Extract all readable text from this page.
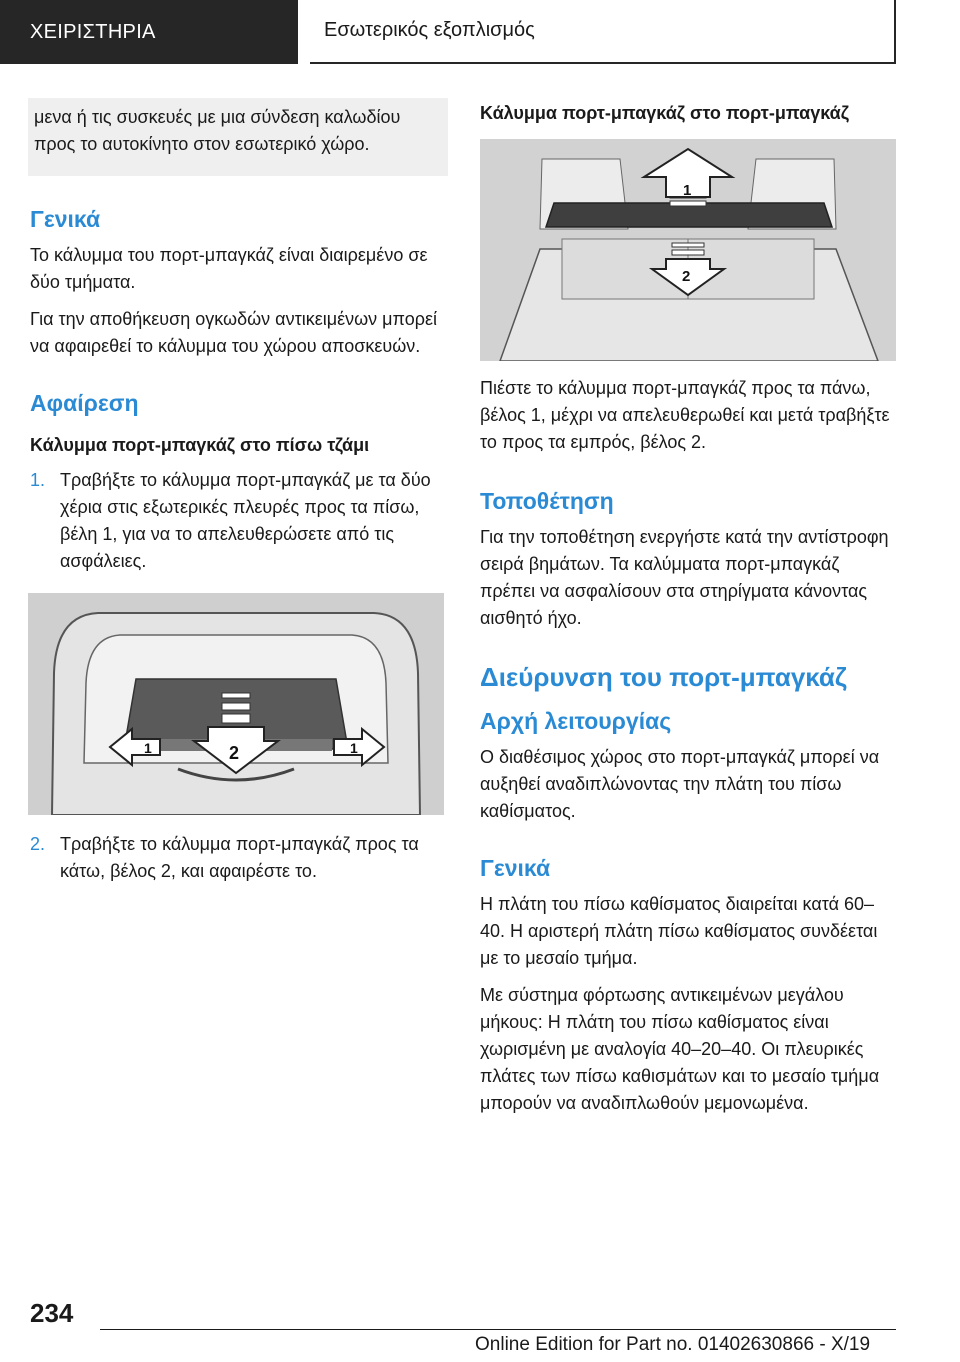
ΧΕΙΡΙΣΤΗΡΙΑ	Εσωτερικός εξοπλισμός
μενα ή τις συσκευές με μια σύνδεση καλωδίου προς το αυτοκίνητο στον εσωτερικό χώρο.
Γενικά

Το κάλυμμα του πορτ-μπαγκάζ είναι διαιρεμένο σε δύο τμήματα.

Για την αποθήκευση ογκωδών αντικειμένων μπορεί να αφαιρεθεί το κάλυμμα του χώρου αποσκευών.

Αφαίρεση
Κάλυμμα πορτ-μπαγκάζ στο πίσω τζάμι
1. Τραβήξτε το κάλυμμα πορτ-μπαγκάζ με τα δύο χέρια στις εξωτερικές πλευρές προς τα πίσω, βέλη 1, για να το απελευθερώσετε από τις ασφάλειες.
1	2	1
2. Τραβήξτε το κάλυμμα πορτ-μπαγκάζ προς τα κάτω, βέλος 2, και αφαιρέστε το.
Κάλυμμα πορτ-μπαγκάζ στο πορτ-μπαγκάζ
1
2

Πιέστε το κάλυμμα πορτ-μπαγκάζ προς τα πάνω, βέλος 1, μέχρι να απελευθερωθεί και μετά τραβήξτε το προς τα εμπρός, βέλος 2.

Τοποθέτηση

Για την τοποθέτηση ενεργήστε κατά την αντίστροφη σειρά βημάτων. Τα καλύμματα πορτ-μπαγκάζ πρέπει να ασφαλίσουν στα στηρίγματα κάνοντας αισθητό ήχο.

Διεύρυνση του πορτ-μπαγκάζ
Αρχή λειτουργίας

Ο διαθέσιμος χώρος στο πορτ-μπαγκάζ μπορεί να αυξηθεί αναδιπλώνοντας την πλάτη του πίσω καθίσματος.

Γενικά

Η πλάτη του πίσω καθίσματος διαιρείται κατά 60–40. Η αριστερή πλάτη πίσω καθίσματος συνδέεται με το μεσαίο τμήμα.

Με σύστημα φόρτωσης αντικειμένων μεγάλου μήκους: Η πλάτη του πίσω καθίσματος είναι χωρισμένη με αναλογία 40–20–40. Οι πλευρικές πλάτες των πίσω καθισμάτων και το μεσαίο τμήμα μπορούν να αναδιπλωθούν μεμονωμένα.

234
Online Edition for Part no. 01402630866 - X/19
